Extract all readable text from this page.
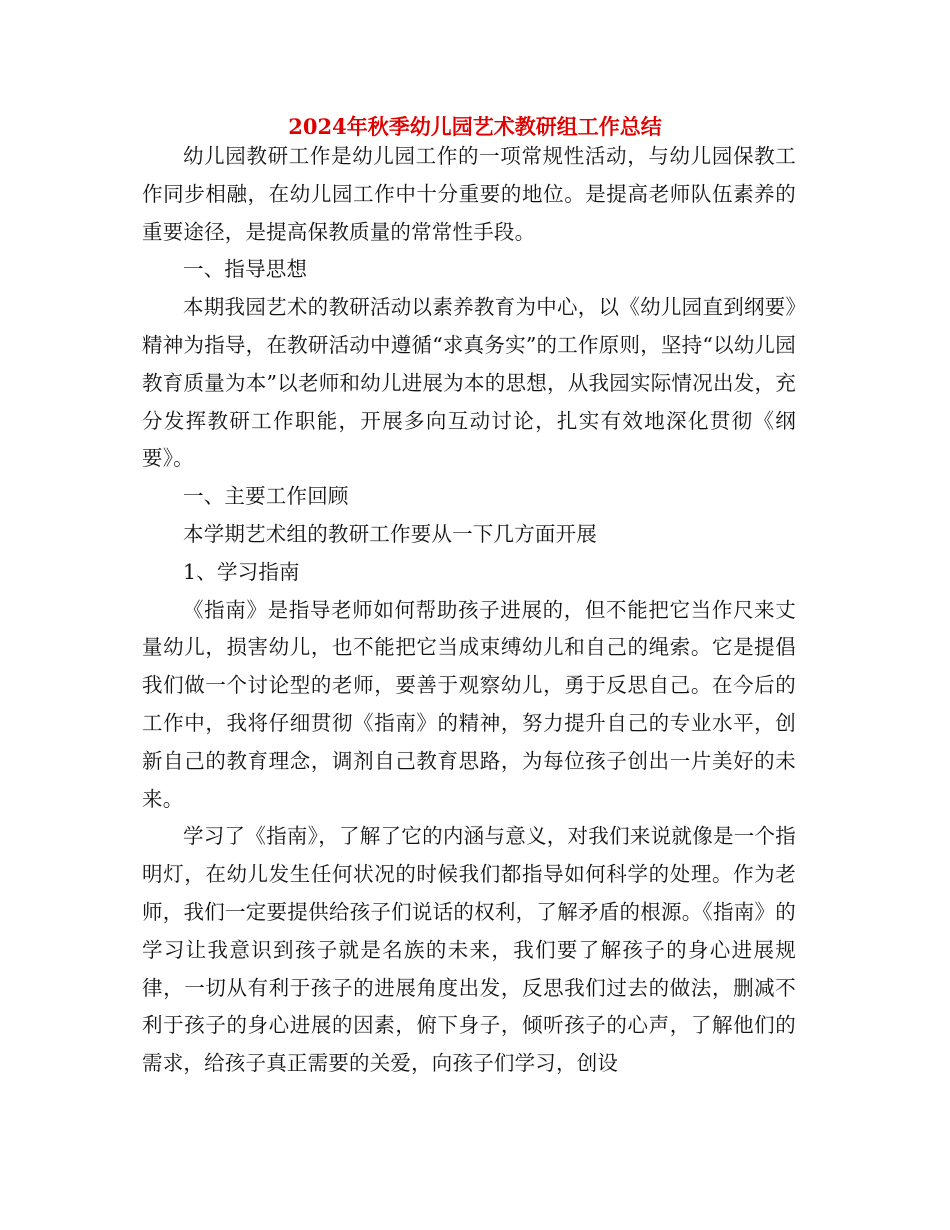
2024年秋季幼儿园艺术教研组工作总结

幼儿园教研工作是幼儿园工作的一项常规性活动，与幼儿园保教工作同步相融，在幼儿园工作中十分重要的地位。是提高老师队伍素养的重要途径，是提高保教质量的常常性手段。

一、指导思想

本期我园艺术的教研活动以素养教育为中心，以《幼儿园直到纲要》精神为指导，在教研活动中遵循“求真务实”的工作原则，坚持“以幼儿园教育质量为本”以老师和幼儿进展为本的思想，从我园实际情况出发，充分发挥教研工作职能，开展多向互动讨论，扎实有效地深化贯彻《纲要》。

一、主要工作回顾

本学期艺术组的教研工作要从一下几方面开展

1、学习指南

《指南》是指导老师如何帮助孩子进展的，但不能把它当作尺来丈量幼儿，损害幼儿，也不能把它当成束缚幼儿和自己的绳索。它是提倡我们做一个讨论型的老师，要善于观察幼儿，勇于反思自己。在今后的工作中，我将仔细贯彻《指南》的精神，努力提升自己的专业水平，创新自己的教育理念，调剂自己教育思路，为每位孩子创出一片美好的未来。

学习了《指南》，了解了它的内涵与意义，对我们来说就像是一个指明灯，在幼儿发生任何状况的时候我们都指导如何科学的处理。作为老师，我们一定要提供给孩子们说话的权利，了解矛盾的根源。《指南》的学习让我意识到孩子就是名族的未来，我们要了解孩子的身心进展规律，一切从有利于孩子的进展角度出发，反思我们过去的做法，删减不利于孩子的身心进展的因素，俯下身子，倾听孩子的心声，了解他们的需求，给孩子真正需要的关爱，向孩子们学习，创设
